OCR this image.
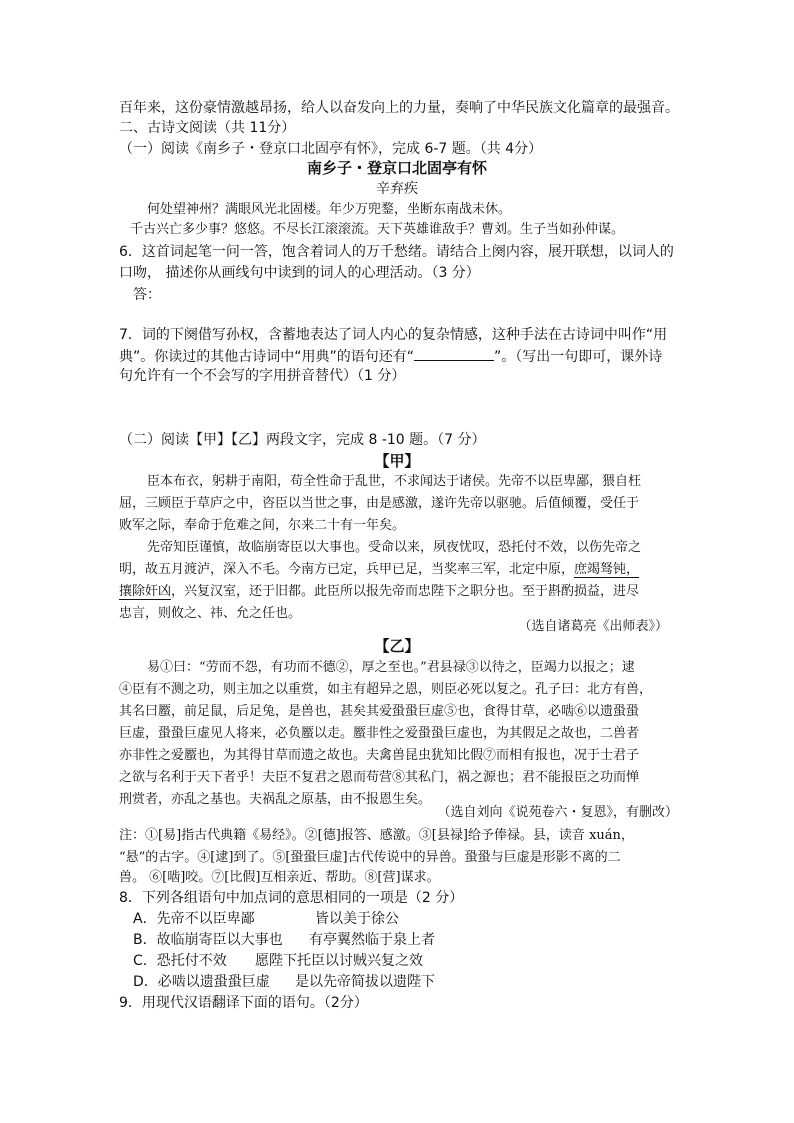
百年来，这份豪情激越昂扬，给人以奋发向上的力量，奏响了中华民族文化篇章的最强音。
二、古诗文阅读（共 11分）
（一）阅读《南乡子・登京口北固亭有怀》，完成 6-7 题。（共 4分）
南乡子・登京口北固亭有怀
辛弃疾
何处望神州？满眼风光北固楼。年少万兜鍪，坐断东南战未休。
千古兴亡多少事？悠悠。不尽长江滚滚流。天下英雄谁敌手？曹刘。生子当如孙仲谋。
6．这首词起笔一问一答，饱含着词人的万千愁绪。请结合上阕内容，展开联想，以词人的
口吻， 描述你从画线句中读到的词人的心理活动。（3 分）
答：
7．词的下阕借写孙权，含蓄地表达了词人内心的复杂情感，这种手法在古诗词中叫作“用
典”。你读过的其他古诗词中“用典”的语句还有“	”。（写出一句即可，课外诗
句允许有一个不会写的字用拼音替代）（1 分）
（二）阅读【甲】【乙】两段文字，完成 8 -10 题。（7 分）
【甲】
臣本布衣，躬耕于南阳，苟全性命于乱世，不求闻达于诸侯。先帝不以臣卑鄙，猥自枉
屈，三顾臣于草庐之中，咨臣以当世之事，由是感激，遂许先帝以驱驰。后值倾覆，受任于
败军之际，奉命于危难之间，尔来二十有一年矣。
先帝知臣谨慎，故临崩寄臣以大事也。受命以来，夙夜忧叹，恐托付不效，以伤先帝之
明，故五月渡泸，深入不毛。今南方已定，兵甲已足，当奖率三军，北定中原，庶竭驽钝，
攘除奸凶，兴复汉室，还于旧都。此臣所以报先帝而忠陛下之职分也。至于斟酌损益，进尽
忠言，则攸之、祎、允之任也。
（选自诸葛亮《出师表》）
【乙】
易①曰：“劳而不怨，有功而不德②，厚之至也。”君县禄③以待之，臣竭力以报之；逮
④臣有不测之功，则主加之以重赏，如主有超异之恩，则臣必死以复之。孔子曰：北方有兽，
其名曰蟨，前足鼠，后足兔，是兽也，甚矣其爱蛩蛩巨虚⑤也，食得甘草，必啮⑥以遗蛩蛩
巨虚，蛩蛩巨虚见人将来，必负蟨以走。蟨非性之爱蛩蛩巨虚也，为其假足之故也，二兽者
亦非性之爱蟨也，为其得甘草而遗之故也。夫禽兽昆虫犹知比假⑦而相有报也，况于士君子
之欲与名利于天下者乎！夫臣不复君之恩而苟营⑧其私门，祸之源也；君不能报臣之功而惮
刑赏者，亦乱之基也。夫祸乱之原基，由不报恩生矣。
（选自刘向《说苑卷六・复恩》，有删改）
注：①[易]指古代典籍《易经》。②[德]报答、感激。③[县禄]给予俸禄。县，读音 xuán，
“悬”的古字。④[逮]到了。⑤[蛩蛩巨虚]古代传说中的异兽。蛩蛩与巨虚是形影不离的二
兽。 ⑥[啮]咬。⑦[比假]互相亲近、帮助。⑧[营]谋求。
8．下列各组语句中加点词的意思相同的一项是（2 分）
A．先帝不以臣卑鄙	皆以美于徐公
B．故临崩寄臣以大事也 有亭翼然临于泉上者
C．恐托付不效 愿陛下托臣以讨贼兴复之效
D．必啮以遗蛩蛩巨虚 是以先帝简拔以遗陛下
9．用现代汉语翻译下面的语句。（2分）
